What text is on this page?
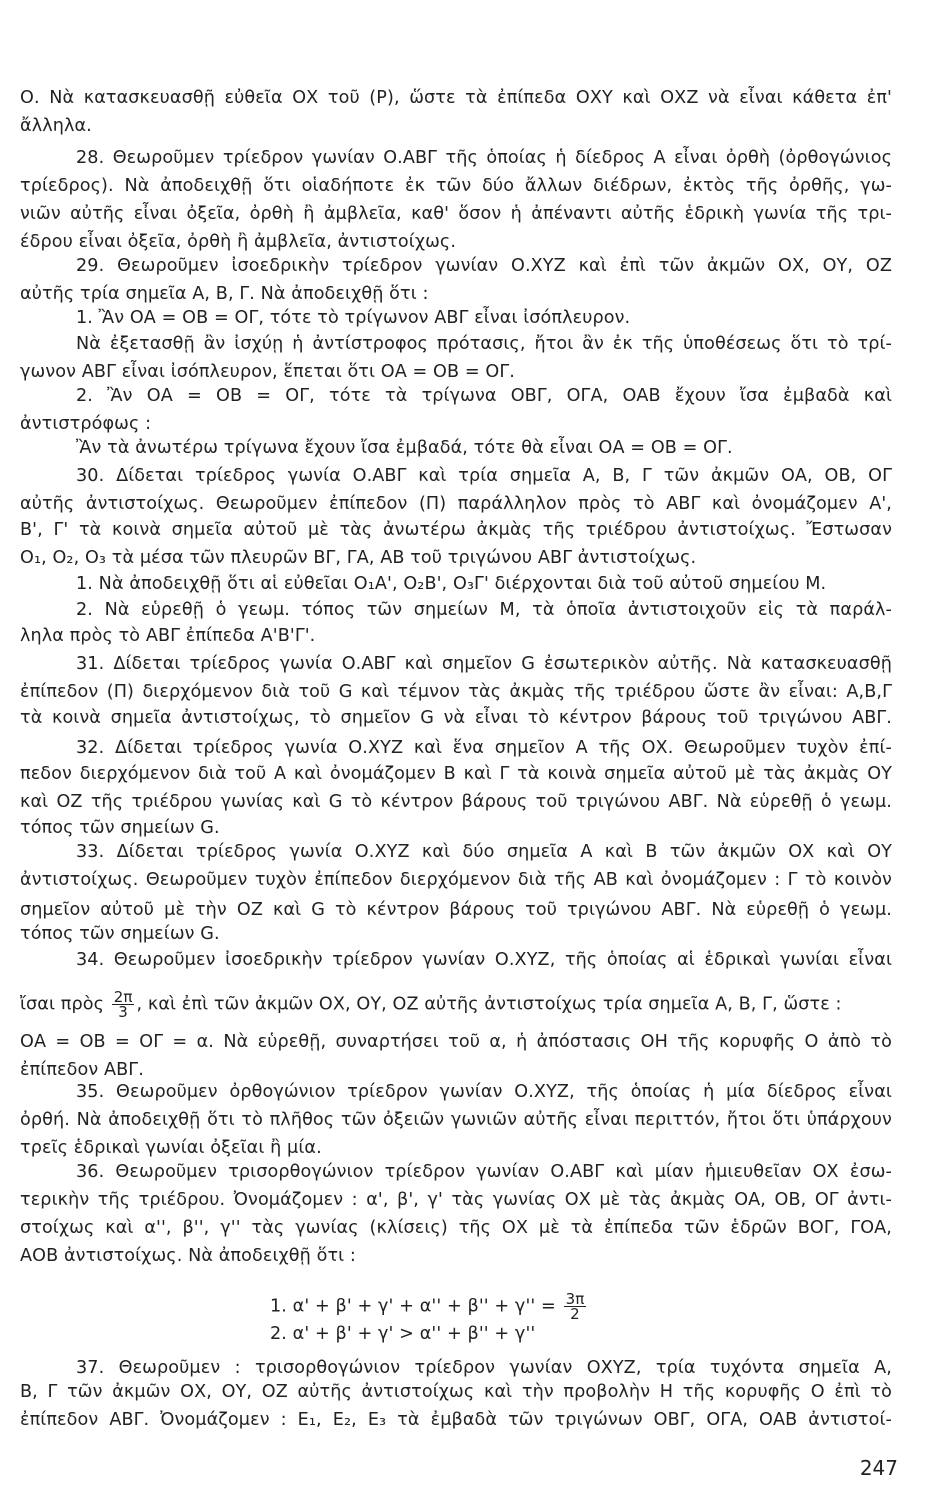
Ο. Νὰ κατασκευασθῇ εὐθεῖα ΟΧ τοῦ (Ρ), ὥστε τὰ ἐπίπεδα ΟΧΥ καὶ ΟΧΖ νὰ εἶναι κάθετα ἐπ'
ἄλληλα.
28. Θεωροῦμεν τρίεδρον γωνίαν Ο.ΑΒΓ τῆς ὁποίας ἡ δίεδρος Α εἶναι ὀρθὴ (ὀρθογώνιος
τρίεδρος). Νὰ ἀποδειχθῇ ὅτι οἱαδήποτε ἐκ τῶν δύο ἄλλων διέδρων, ἐκτὸς τῆς ὀρθῆς, γω-
νιῶν αὐτῆς εἶναι ὀξεῖα, ὀρθὴ ἢ ἀμβλεῖα, καθ' ὅσον ἡ ἀπέναντι αὐτῆς ἑδρικὴ γωνία τῆς τρι-
έδρου εἶναι ὀξεῖα, ὀρθὴ ἢ ἀμβλεῖα, ἀντιστοίχως.
29. Θεωροῦμεν ἰσοεδρικὴν τρίεδρον γωνίαν Ο.ΧΥΖ καὶ ἐπὶ τῶν ἀκμῶν ΟΧ, ΟΥ, ΟΖ
αὐτῆς τρία σημεῖα Α, Β, Γ. Νὰ ἀποδειχθῇ ὅτι :
1. Ἂν ΟΑ = ΟΒ = ΟΓ, τότε τὸ τρίγωνον ΑΒΓ εἶναι ἰσόπλευρον.
Νὰ ἐξετασθῇ ἂν ἰσχύῃ ἡ ἀντίστροφος πρότασις, ἤτοι ἂν ἐκ τῆς ὑποθέσεως ὅτι τὸ τρί-
γωνον ΑΒΓ εἶναι ἰσόπλευρον, ἕπεται ὅτι ΟΑ = ΟΒ = ΟΓ.
2. Ἂν ΟΑ = ΟΒ = ΟΓ, τότε τὰ τρίγωνα ΟΒΓ, ΟΓΑ, ΟΑΒ ἔχουν ἴσα ἐμβαδὰ καὶ
ἀντιστρόφως :
Ἂν τὰ ἀνωτέρω τρίγωνα ἔχουν ἴσα ἐμβαδά, τότε θὰ εἶναι ΟΑ = ΟΒ = ΟΓ.
30. Δίδεται τρίεδρος γωνία Ο.ΑΒΓ καὶ τρία σημεῖα Α, Β, Γ τῶν ἀκμῶν ΟΑ, ΟΒ, ΟΓ
αὐτῆς ἀντιστοίχως. Θεωροῦμεν ἐπίπεδον (Π) παράλληλον πρὸς τὸ ΑΒΓ καὶ ὀνομάζομεν Α',
Β', Γ' τὰ κοινὰ σημεῖα αὐτοῦ μὲ τὰς ἀνωτέρω ἀκμὰς τῆς τριέδρου ἀντιστοίχως. Ἔστωσαν
Ο₁, Ο₂, Ο₃ τὰ μέσα τῶν πλευρῶν ΒΓ, ΓΑ, ΑΒ τοῦ τριγώνου ΑΒΓ ἀντιστοίχως.
1. Νὰ ἀποδειχθῇ ὅτι αἱ εὐθεῖαι Ο₁Α', Ο₂Β', Ο₃Γ' διέρχονται διὰ τοῦ αὐτοῦ σημείου Μ.
2. Νὰ εὑρεθῇ ὁ γεωμ. τόπος τῶν σημείων Μ, τὰ ὁποῖα ἀντιστοιχοῦν εἰς τὰ παράλ-
ληλα πρὸς τὸ ΑΒΓ ἐπίπεδα Α'Β'Γ'.
31. Δίδεται τρίεδρος γωνία Ο.ΑΒΓ καὶ σημεῖον G ἐσωτερικὸν αὐτῆς. Νὰ κατασκευασθῇ
ἐπίπεδον (Π) διερχόμενον διὰ τοῦ G καὶ τέμνον τὰς ἀκμὰς τῆς τριέδρου ὥστε ἂν εἶναι: Α,Β,Γ
τὰ κοινὰ σημεῖα ἀντιστοίχως, τὸ σημεῖον G νὰ εἶναι τὸ κέντρον βάρους τοῦ τριγώνου ΑΒΓ.
32. Δίδεται τρίεδρος γωνία Ο.ΧΥΖ καὶ ἕνα σημεῖον Α τῆς ΟΧ. Θεωροῦμεν τυχὸν ἐπί-
πεδον διερχόμενον διὰ τοῦ Α καὶ ὀνομάζομεν Β καὶ Γ τὰ κοινὰ σημεῖα αὐτοῦ μὲ τὰς ἀκμὰς ΟΥ
καὶ ΟΖ τῆς τριέδρου γωνίας καὶ G τὸ κέντρον βάρους τοῦ τριγώνου ΑΒΓ. Νὰ εὑρεθῇ ὁ γεωμ.
τόπος τῶν σημείων G.
33. Δίδεται τρίεδρος γωνία Ο.ΧΥΖ καὶ δύο σημεῖα Α καὶ Β τῶν ἀκμῶν ΟΧ καὶ ΟΥ
ἀντιστοίχως. Θεωροῦμεν τυχὸν ἐπίπεδον διερχόμενον διὰ τῆς ΑΒ καὶ ὀνομάζομεν : Γ τὸ κοινὸν
σημεῖον αὐτοῦ μὲ τὴν ΟΖ καὶ G τὸ κέντρον βάρους τοῦ τριγώνου ΑΒΓ. Νὰ εὑρεθῇ ὁ γεωμ.
τόπος τῶν σημείων G.
34. Θεωροῦμεν ἰσοεδρικὴν τρίεδρον γωνίαν Ο.ΧΥΖ, τῆς ὁποίας αἱ ἑδρικαὶ γωνίαι εἶναι
ἴσαι πρὸς $\frac{2\pi}{3}$ , καὶ ἐπὶ τῶν ἀκμῶν ΟΧ, ΟΥ, ΟΖ αὐτῆς ἀντιστοίχως τρία σημεῖα Α, Β, Γ, ὥστε :
ΟΑ = ΟΒ = ΟΓ = α. Νὰ εὑρεθῇ, συναρτήσει τοῦ α, ἡ ἀπόστασις ΟΗ τῆς κορυφῆς Ο ἀπὸ τὸ
ἐπίπεδον ΑΒΓ.
35. Θεωροῦμεν ὀρθογώνιον τρίεδρον γωνίαν Ο.ΧΥΖ, τῆς ὁποίας ἡ μία δίεδρος εἶναι
ὀρθή. Νὰ ἀποδειχθῇ ὅτι τὸ πλῆθος τῶν ὀξειῶν γωνιῶν αὐτῆς εἶναι περιττόν, ἤτοι ὅτι ὑπάρχουν
τρεῖς ἑδρικαὶ γωνίαι ὀξεῖαι ἢ μία.
36. Θεωροῦμεν τρισορθογώνιον τρίεδρον γωνίαν Ο.ΑΒΓ καὶ μίαν ἡμιευθεῖαν ΟΧ ἐσω-
τερικὴν τῆς τριέδρου. Ὀνομάζομεν : α', β', γ' τὰς γωνίας ΟΧ μὲ τὰς ἀκμὰς ΟΑ, ΟΒ, ΟΓ ἀντι-
στοίχως καὶ α'', β'', γ'' τὰς γωνίας (κλίσεις) τῆς ΟΧ μὲ τὰ ἐπίπεδα τῶν ἑδρῶν ΒΟΓ, ΓΟΑ,
ΑΟΒ ἀντιστοίχως. Νὰ ἀποδειχθῇ ὅτι :
1. $\alpha' + \beta' + \gamma' + \alpha'' + \beta'' + \gamma'' = \frac{3\pi}{2}$
2. α' + β' + γ' > α'' + β'' + γ''
37. Θεωροῦμεν : τρισορθογώνιον τρίεδρον γωνίαν ΟΧΥΖ, τρία τυχόντα σημεῖα Α,
Β, Γ τῶν ἀκμῶν ΟΧ, ΟΥ, ΟΖ αὐτῆς ἀντιστοίχως καὶ τὴν προβολὴν Η τῆς κορυφῆς Ο ἐπὶ τὸ
ἐπίπεδον ΑΒΓ. Ὀνομάζομεν : Ε₁, Ε₂, Ε₃ τὰ ἐμβαδὰ τῶν τριγώνων ΟΒΓ, ΟΓΑ, ΟΑΒ ἀντιστοί-
247
